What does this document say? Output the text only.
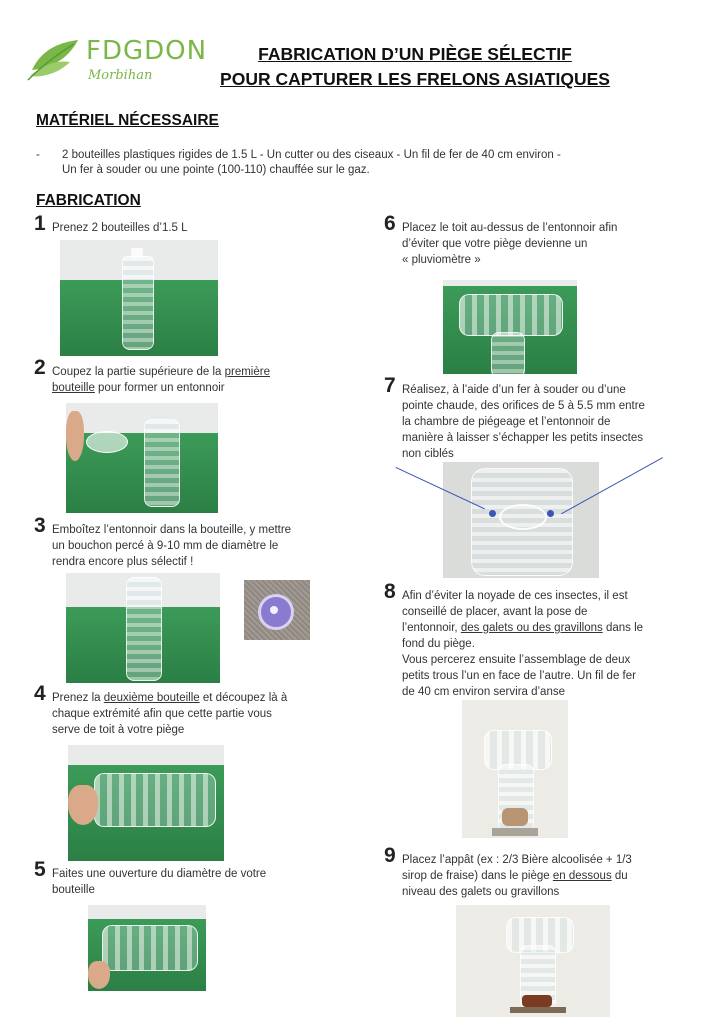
FDGDON
Morbihan
FABRICATION D’UN PIÈGE SÉLECTIF
POUR CAPTURER LES FRELONS ASIATIQUES
MATÉRIEL NÉCESSAIRE
- 2 bouteilles plastiques rigides de 1.5 L - Un cutter ou des ciseaux - Un fil de fer de 40 cm environ -
Un fer à souder ou une pointe (100-110) chauffée sur le gaz.
FABRICATION
1 Prenez 2 bouteilles d’1.5 L
2 Coupez la partie supérieure de la première
bouteille pour former un entonnoir
3 Emboîtez l’entonnoir dans la bouteille, y mettre
un bouchon percé à 9-10 mm de diamètre le
rendra encore plus sélectif !
4 Prenez la deuxième bouteille et découpez là à
chaque extrémité afin que cette partie vous
serve de toit à votre piège
5 Faites une ouverture du diamètre de votre
bouteille
6 Placez le toit au-dessus de l’entonnoir afin
d’éviter que votre piège devienne un
« pluviomètre »
7 Réalisez, à l’aide d’un fer à souder ou d’une
pointe chaude, des orifices de 5 à 5.5 mm entre
la chambre de piégeage et l’entonnoir de
manière à laisser s’échapper les petits insectes
non ciblés
8 Afin d’éviter la noyade de ces insectes, il est
conseillé de placer, avant la pose de
l’entonnoir, des galets ou des gravillons dans le
fond du piège.
Vous percerez ensuite l’assemblage de deux
petits trous l’un en face de l’autre. Un fil de fer
de 40 cm environ servira d’anse
9 Placez l’appât (ex : 2/3 Bière alcoolisée + 1/3
sirop de fraise) dans le piège en dessous du
niveau des galets ou gravillons
